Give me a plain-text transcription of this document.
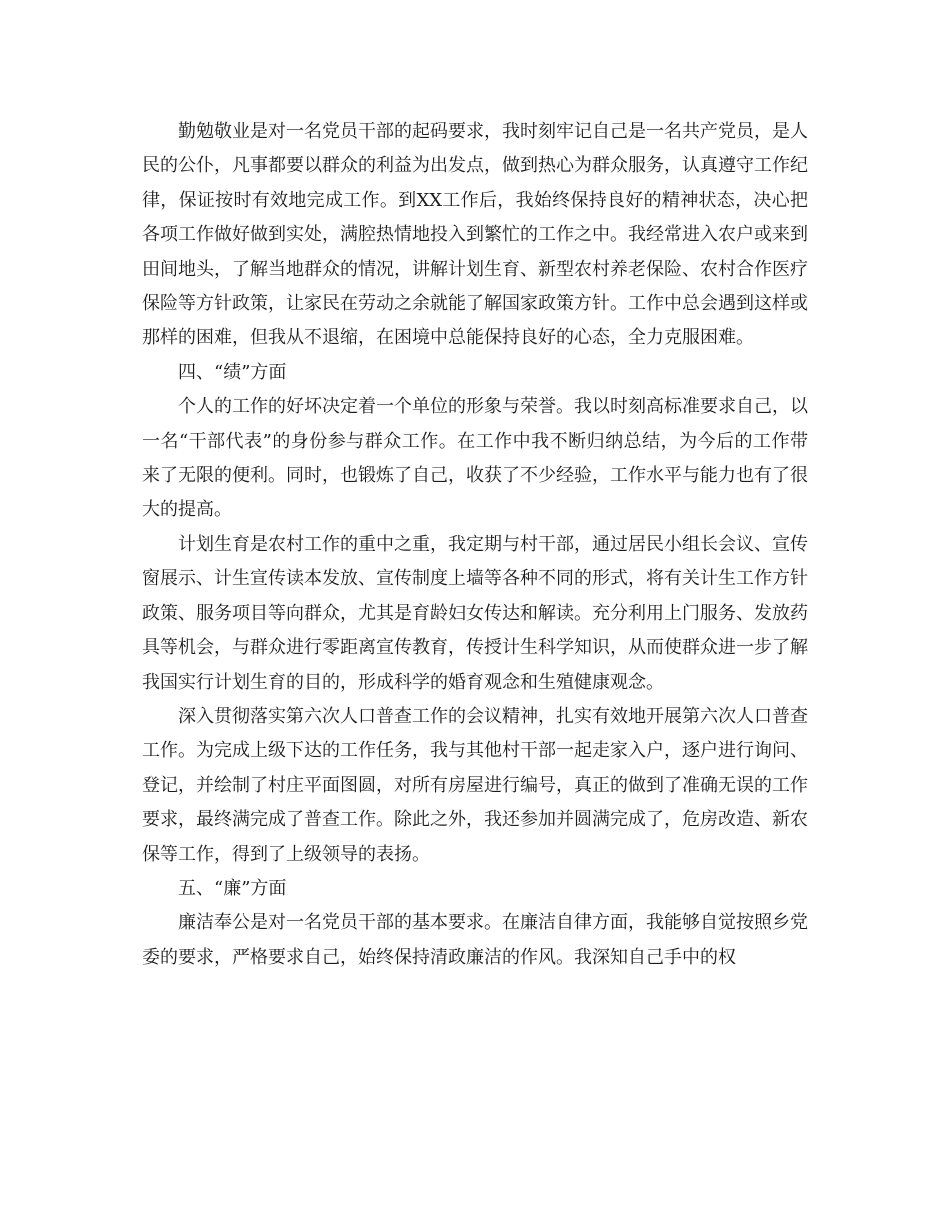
勤勉敬业是对一名党员干部的起码要求，我时刻牢记自己是一名共产党员，是人民的公仆，凡事都要以群众的利益为出发点，做到热心为群众服务，认真遵守工作纪律，保证按时有效地完成工作。到XX工作后，我始终保持良好的精神状态，决心把各项工作做好做到实处，满腔热情地投入到繁忙的工作之中。我经常进入农户或来到田间地头，了解当地群众的情况，讲解计划生育、新型农村养老保险、农村合作医疗保险等方针政策，让家民在劳动之余就能了解国家政策方针。工作中总会遇到这样或那样的困难，但我从不退缩，在困境中总能保持良好的心态，全力克服困难。

四、“绩”方面

个人的工作的好坏决定着一个单位的形象与荣誉。我以时刻高标准要求自己，以一名“干部代表”的身份参与群众工作。在工作中我不断归纳总结，为今后的工作带来了无限的便利。同时，也锻炼了自己，收获了不少经验，工作水平与能力也有了很大的提高。

计划生育是农村工作的重中之重，我定期与村干部，通过居民小组长会议、宣传窗展示、计生宣传读本发放、宣传制度上墙等各种不同的形式，将有关计生工作方针政策、服务项目等向群众，尤其是育龄妇女传达和解读。充分利用上门服务、发放药具等机会，与群众进行零距离宣传教育，传授计生科学知识，从而使群众进一步了解我国实行计划生育的目的，形成科学的婚育观念和生殖健康观念。

深入贯彻落实第六次人口普查工作的会议精神，扎实有效地开展第六次人口普查工作。为完成上级下达的工作任务，我与其他村干部一起走家入户，逐户进行询问、登记，并绘制了村庄平面图圆，对所有房屋进行编号，真正的做到了准确无误的工作要求，最终满完成了普查工作。除此之外，我还参加并圆满完成了，危房改造、新农保等工作，得到了上级领导的表扬。

五、“廉”方面

廉洁奉公是对一名党员干部的基本要求。在廉洁自律方面，我能够自觉按照乡党委的要求，严格要求自己，始终保持清政廉洁的作风。我深知自己手中的权
